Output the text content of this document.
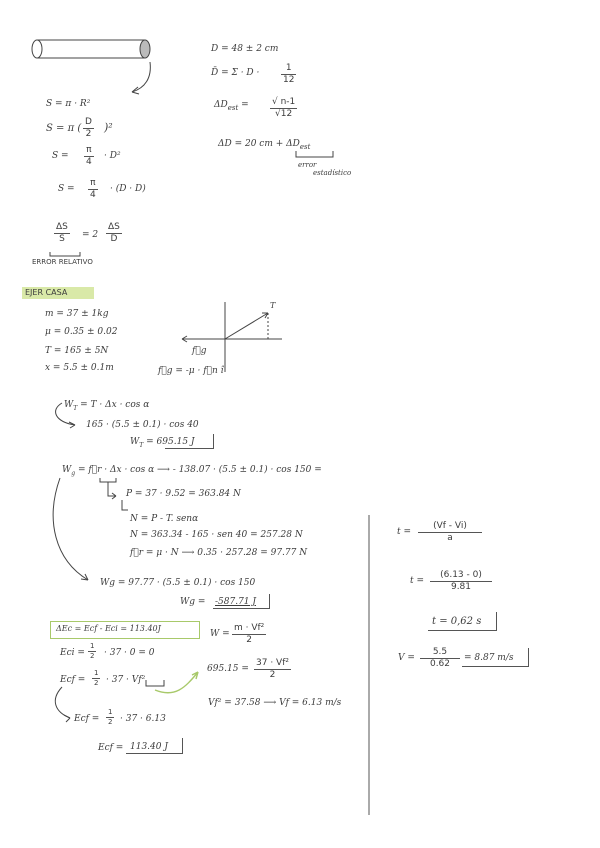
S = π · R²
S = π ( $\frac{D}{2} )^2$
$S = \frac{\pi}{4} \cdot D^2$
$S = \frac{\pi}{4} \cdot (D \cdot D)$
$\frac{\Delta S}{S} = 2 \frac{\Delta S}{D}$
ERROR RELATIVO
D = 48 ± 2 cm
D̄ = $\Sigma \cdot D \cdot \frac{1}{12}$
$\Delta D_{est} = \frac{√ n-1}{√12}$
ΔD = 20 cm + $\Delta D_{est}$
error
estadístico
EJER CASA
m = 37 ± 1kg
μ = 0.35 ± 0.02
T = 165 ± 5N
x = 5.5 ± 0.1m
T
f⃗g
f⃗g = -μ · f⃗n î
$W_T = T \cdot \Delta x \cdot \cos \alpha$
165 · (5.5 ± 0.1) · cos 40
$W_T = 695.15$ J
$W_g$ = f⃗r · Δx · cos α ⟶ - 138.07 · (5.5 ± 0.1) · cos 150 =
P = 37 · 9.52 = 363.84 N
N = P - T. senα
N = 363.34 - 165 · sen 40 = 257.28 N
f⃗r = μ · N ⟶ 0.35 · 257.28 = 97.77 N
Wg = 97.77 · (5.5 ± 0.1) · cos 150
Wg = -587.71 J
ΔEc = Ecf - Eci = 113.40J
Eci = $\frac{1}{2} \cdot 37 \cdot 0 = 0$
Ecf = $\frac{1}{2} \cdot 37 \cdot Vf^2$
Ecf = $\frac{1}{2} \cdot 37 \cdot 6.13$
Ecf = 113.40 J
$W = \frac{\text{m · Vf²}}{2}$
$695.15 = \frac{\text{37 · Vf²}}{2}$
Vf² = 37.58 ⟶ Vf = 6.13 m/s
$t = \frac{(Vf - Vi)}{a}$
$t = \frac{(6.13 - 0)}{9.81}$
t = 0,62 s
$V = \frac{5.5}{0.62} = 8.87$ m/s
